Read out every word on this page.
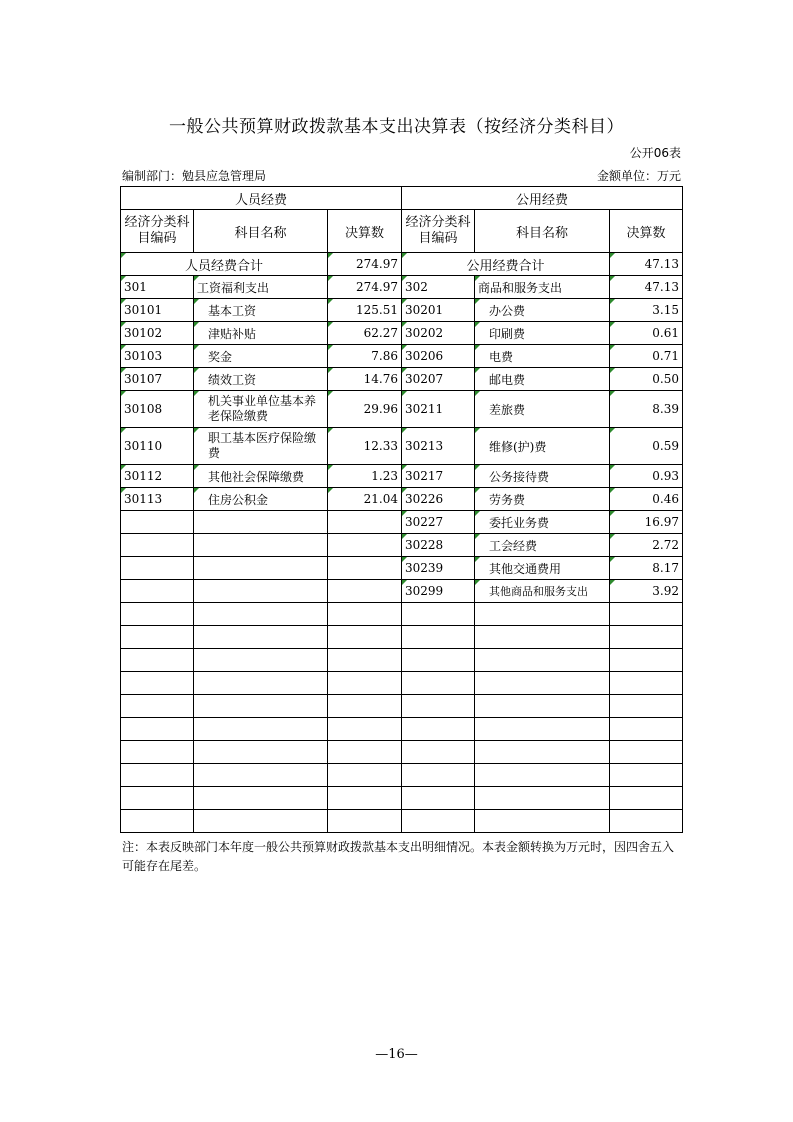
一般公共预算财政拨款基本支出决算表（按经济分类科目）
公开06表
编制部门：勉县应急管理局	金额单位：万元
人员经费			公用经费		
经济分类科目编码	科目名称	决算数	经济分类科目编码	科目名称	决算数
人员经费合计		274.97	公用经费合计		47.13
301	工资福利支出	274.97	302	商品和服务支出	47.13
30101	基本工资	125.51	30201	办公费	3.15
30102	津贴补贴	62.27	30202	印刷费	0.61
30103	奖金	7.86	30206	电费	0.71
30107	绩效工资	14.76	30207	邮电费	0.50
30108	机关事业单位基本养老保险缴费	29.96	30211	差旅费	8.39
30110	职工基本医疗保险缴费	12.33	30213	维修(护)费	0.59
30112	其他社会保障缴费	1.23	30217	公务接待费	0.93
30113	住房公积金	21.04	30226	劳务费	0.46
			30227	委托业务费	16.97
			30228	工会经费	2.72
			30239	其他交通费用	8.17
			30299	其他商品和服务支出	3.92

注：本表反映部门本年度一般公共预算财政拨款基本支出明细情况。本表金额转换为万元时，因四舍五入可能存在尾差。
—16—
